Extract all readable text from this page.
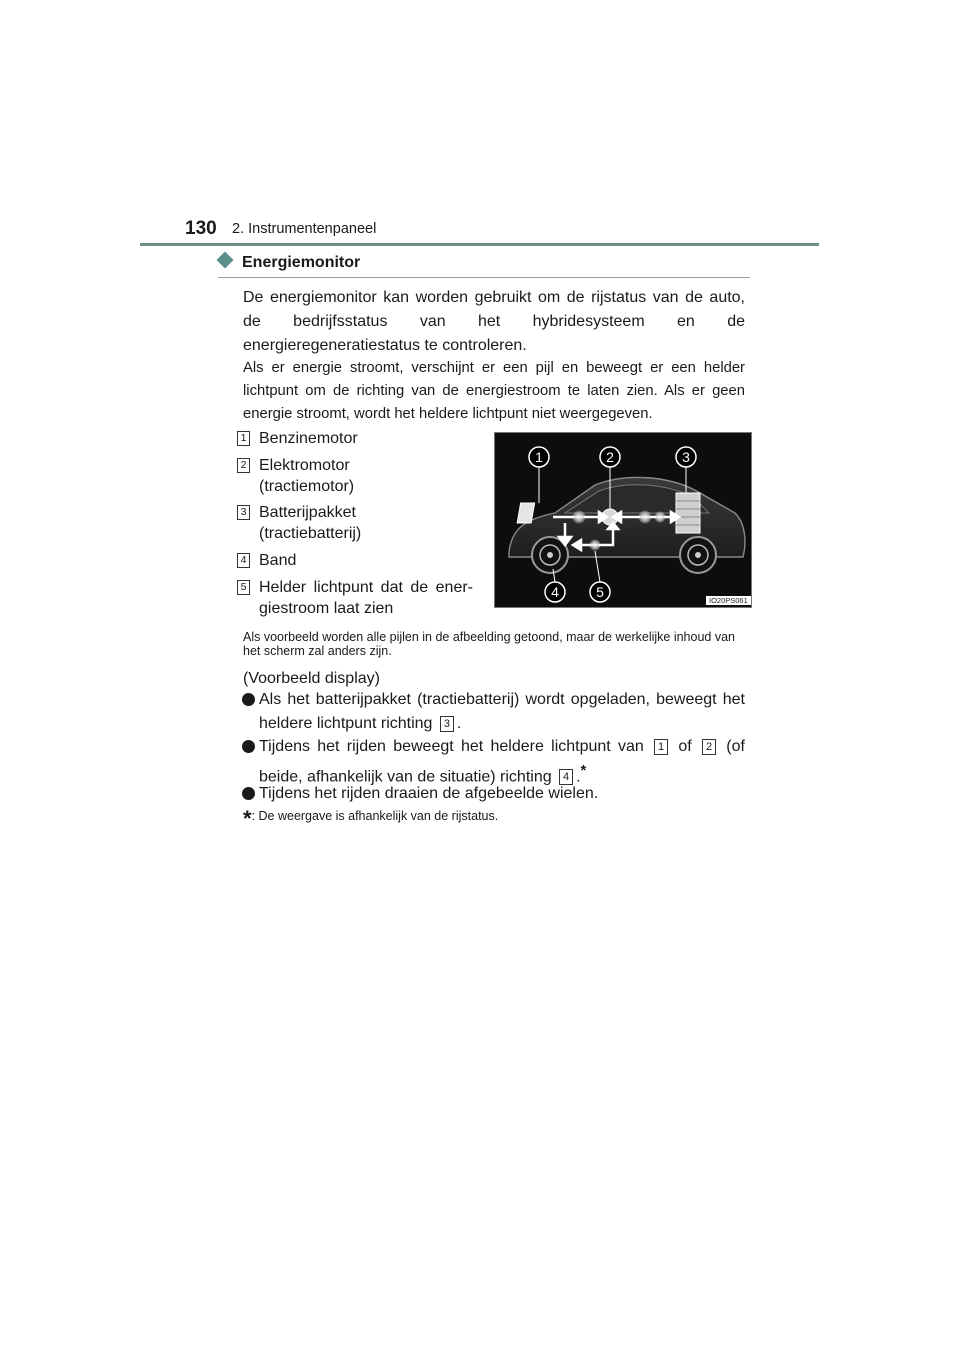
130 2. Instrumentenpaneel
Energiemonitor
De energiemonitor kan worden gebruikt om de rijstatus van de auto, de bedrijfsstatus van het hybridesysteem en de energieregeneratiestatus te controleren.
Als er energie stroomt, verschijnt er een pijl en beweegt er een helder lichtpunt om de richting van de energiestroom te laten zien. Als er geen energie stroomt, wordt het heldere lichtpunt niet weergegeven.
1 Benzinemotor
2 Elektromotor
(tractiemotor)
3 Batterijpakket
(tractiebatterij)
4 Band
5 Helder lichtpunt dat de ener-
giestroom laat zien
1	2	3
4	5
IO20PS061
Als voorbeeld worden alle pijlen in de afbeelding getoond, maar de werkelijke inhoud van het scherm zal anders zijn.
(Voorbeeld display)
Als het batterijpakket (tractiebatterij) wordt opgeladen, beweegt het heldere lichtpunt richting 3 .
Tijdens het rijden beweegt het heldere lichtpunt van 1 of 2 (of beide, afhankelijk van de situatie) richting 4 .*
Tijdens het rijden draaien de afgebeelde wielen.
*: De weergave is afhankelijk van de rijstatus.
